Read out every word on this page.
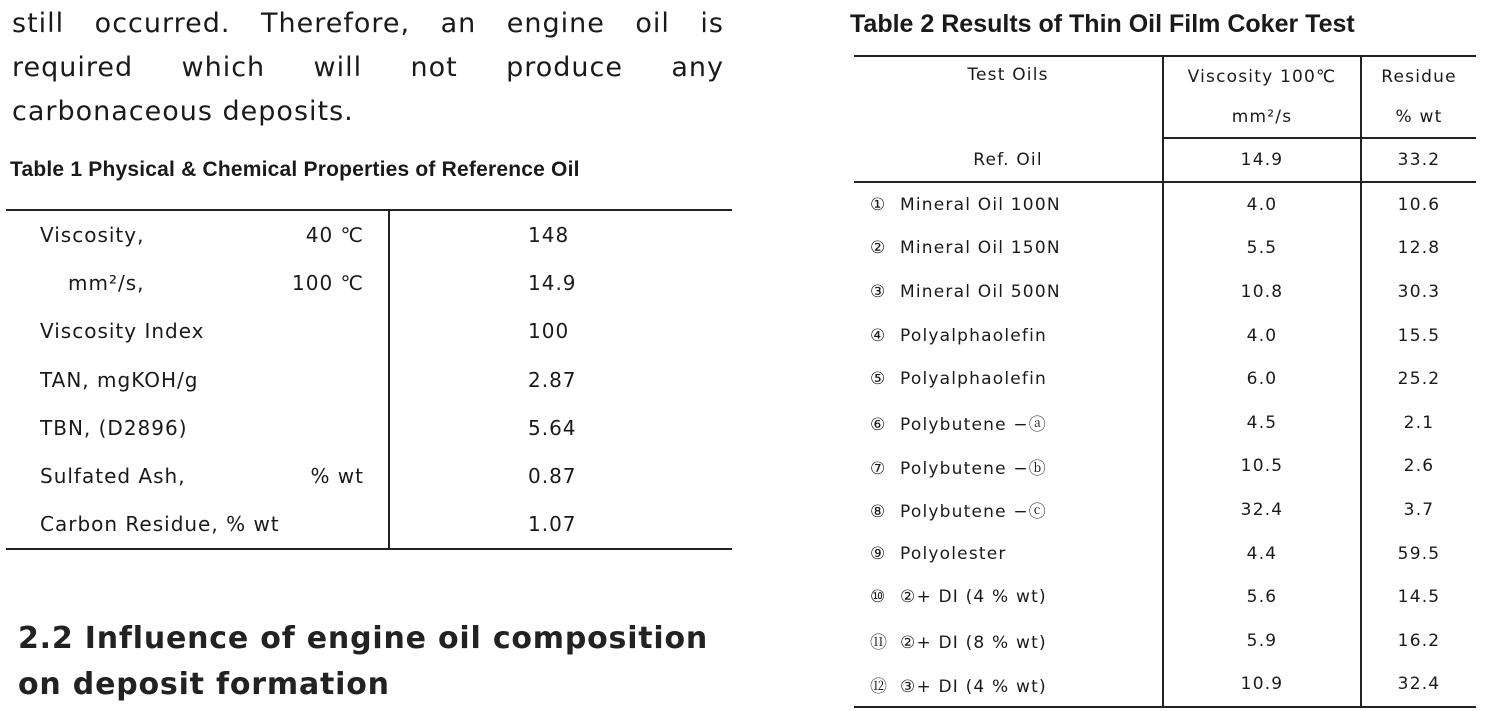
still occurred. Therefore, an engine oil is
required which will not produce any
carbonaceous deposits.
Table 1 Physical & Chemical Properties of Reference Oil
Viscosity, 40 ℃	148
mm²/s, 100 ℃	14.9
Viscosity Index	100
TAN, mgKOH/g	2.87
TBN, (D2896)	5.64
Sulfated Ash, % wt	0.87
Carbon Residue, % wt	1.07
2.2 Influence of engine oil composition
on deposit formation
Table 2 Results of Thin Oil Film Coker Test
Test Oils	Viscosity 100℃	Residue
	mm²/s	% wt
Ref. Oil	14.9	33.2
① Mineral Oil 100N	4.0	10.6
② Mineral Oil 150N	5.5	12.8
③ Mineral Oil 500N	10.8	30.3
④ Polyalphaolefin	4.0	15.5
⑤ Polyalphaolefin	6.0	25.2
⑥ Polybutene −ⓐ	4.5	2.1
⑦ Polybutene −ⓑ	10.5	2.6
⑧ Polybutene −ⓒ	32.4	3.7
⑨ Polyolester	4.4	59.5
⑩ ②+ DI (4 % wt)	5.6	14.5
⑪ ②+ DI (8 % wt)	5.9	16.2
⑫ ③+ DI (4 % wt)	10.9	32.4
